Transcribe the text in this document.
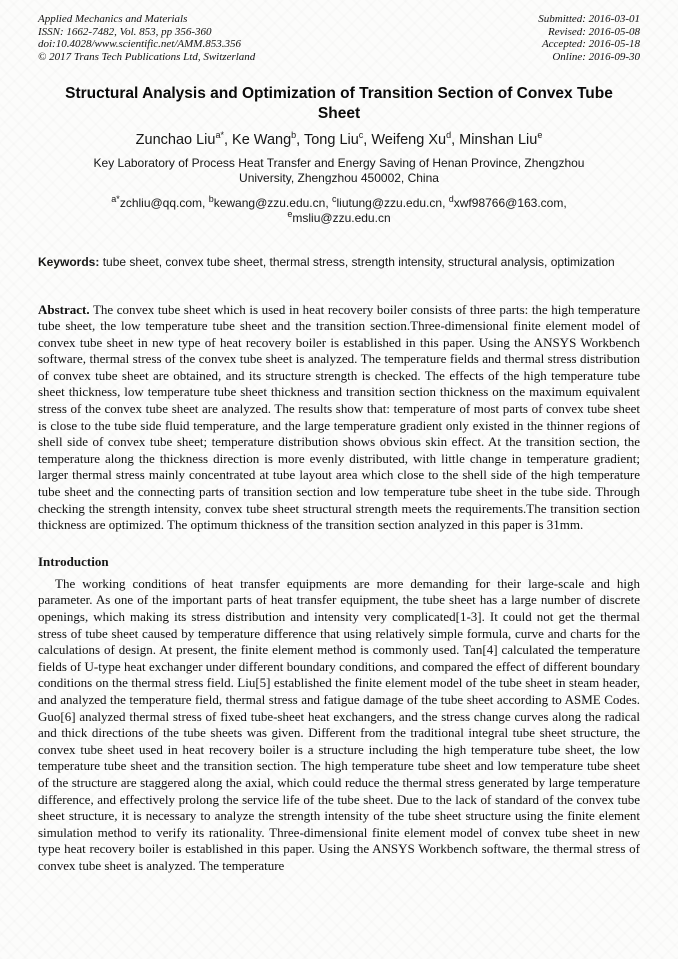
Applied Mechanics and Materials
ISSN: 1662-7482, Vol. 853, pp 356-360
doi:10.4028/www.scientific.net/AMM.853.356
© 2017 Trans Tech Publications Ltd, Switzerland
Submitted: 2016-03-01
Revised: 2016-05-08
Accepted: 2016-05-18
Online: 2016-09-30
Structural Analysis and Optimization of Transition Section of Convex Tube Sheet
Zunchao Liu$^{a*}$, Ke Wang$^b$, Tong Liu$^c$, Weifeng Xu$^d$, Minshan Liu$^e$
Key Laboratory of Process Heat Transfer and Energy Saving of Henan Province, Zhengzhou University, Zhengzhou 450002, China
$^{a*}$zchliu@qq.com, $^b$kewang@zzu.edu.cn, $^c$liutung@zzu.edu.cn, $^d$xwf98766@163.com, $^e$msliu@zzu.edu.cn

Keywords: tube sheet, convex tube sheet, thermal stress, strength intensity, structural analysis, optimization

Abstract. The convex tube sheet which is used in heat recovery boiler consists of three parts: the high temperature tube sheet, the low temperature tube sheet and the transition section.Three-dimensional finite element model of convex tube sheet in new type of heat recovery boiler is established in this paper. Using the ANSYS Workbench software, thermal stress of the convex tube sheet is analyzed. The temperature fields and thermal stress distribution of convex tube sheet are obtained, and its structure strength is checked. The effects of the high temperature tube sheet thickness, low temperature tube sheet thickness and transition section thickness on the maximum equivalent stress of the convex tube sheet are analyzed. The results show that: temperature of most parts of convex tube sheet is close to the tube side fluid temperature, and the large temperature gradient only existed in the thinner regions of shell side of convex tube sheet; temperature distribution shows obvious skin effect. At the transition section, the temperature along the thickness direction is more evenly distributed, with little change in temperature gradient; larger thermal stress mainly concentrated at tube layout area which close to the shell side of the high temperature tube sheet and the connecting parts of transition section and low temperature tube sheet in the tube side. Through checking the strength intensity, convex tube sheet structural strength meets the requirements.The transition section thickness are optimized. The optimum thickness of the transition section analyzed in this paper is 31mm.

Introduction

The working conditions of heat transfer equipments are more demanding for their large-scale and high parameter. As one of the important parts of heat transfer equipment, the tube sheet has a large number of discrete openings, which making its stress distribution and intensity very complicated[1-3]. It could not get the thermal stress of tube sheet caused by temperature difference that using relatively simple formula, curve and charts for the calculations of design. At present, the finite element method is commonly used. Tan[4] calculated the temperature fields of U-type heat exchanger under different boundary conditions, and compared the effect of different boundary conditions on the thermal stress field. Liu[5] established the finite element model of the tube sheet in steam header, and analyzed the temperature field, thermal stress and fatigue damage of the tube sheet according to ASME Codes. Guo[6] analyzed thermal stress of fixed tube-sheet heat exchangers, and the stress change curves along the radical and thick directions of the tube sheets was given. Different from the traditional integral tube sheet structure, the convex tube sheet used in heat recovery boiler is a structure including the high temperature tube sheet, the low temperature tube sheet and the transition section. The high temperature tube sheet and low temperature tube sheet of the structure are staggered along the axial, which could reduce the thermal stress generated by large temperature difference, and effectively prolong the service life of the tube sheet. Due to the lack of standard of the convex tube sheet structure, it is necessary to analyze the strength intensity of the tube sheet structure using the finite element simulation method to verify its rationality. Three-dimensional finite element model of convex tube sheet in new type heat recovery boiler is established in this paper. Using the ANSYS Workbench software, the thermal stress of convex tube sheet is analyzed. The temperature
